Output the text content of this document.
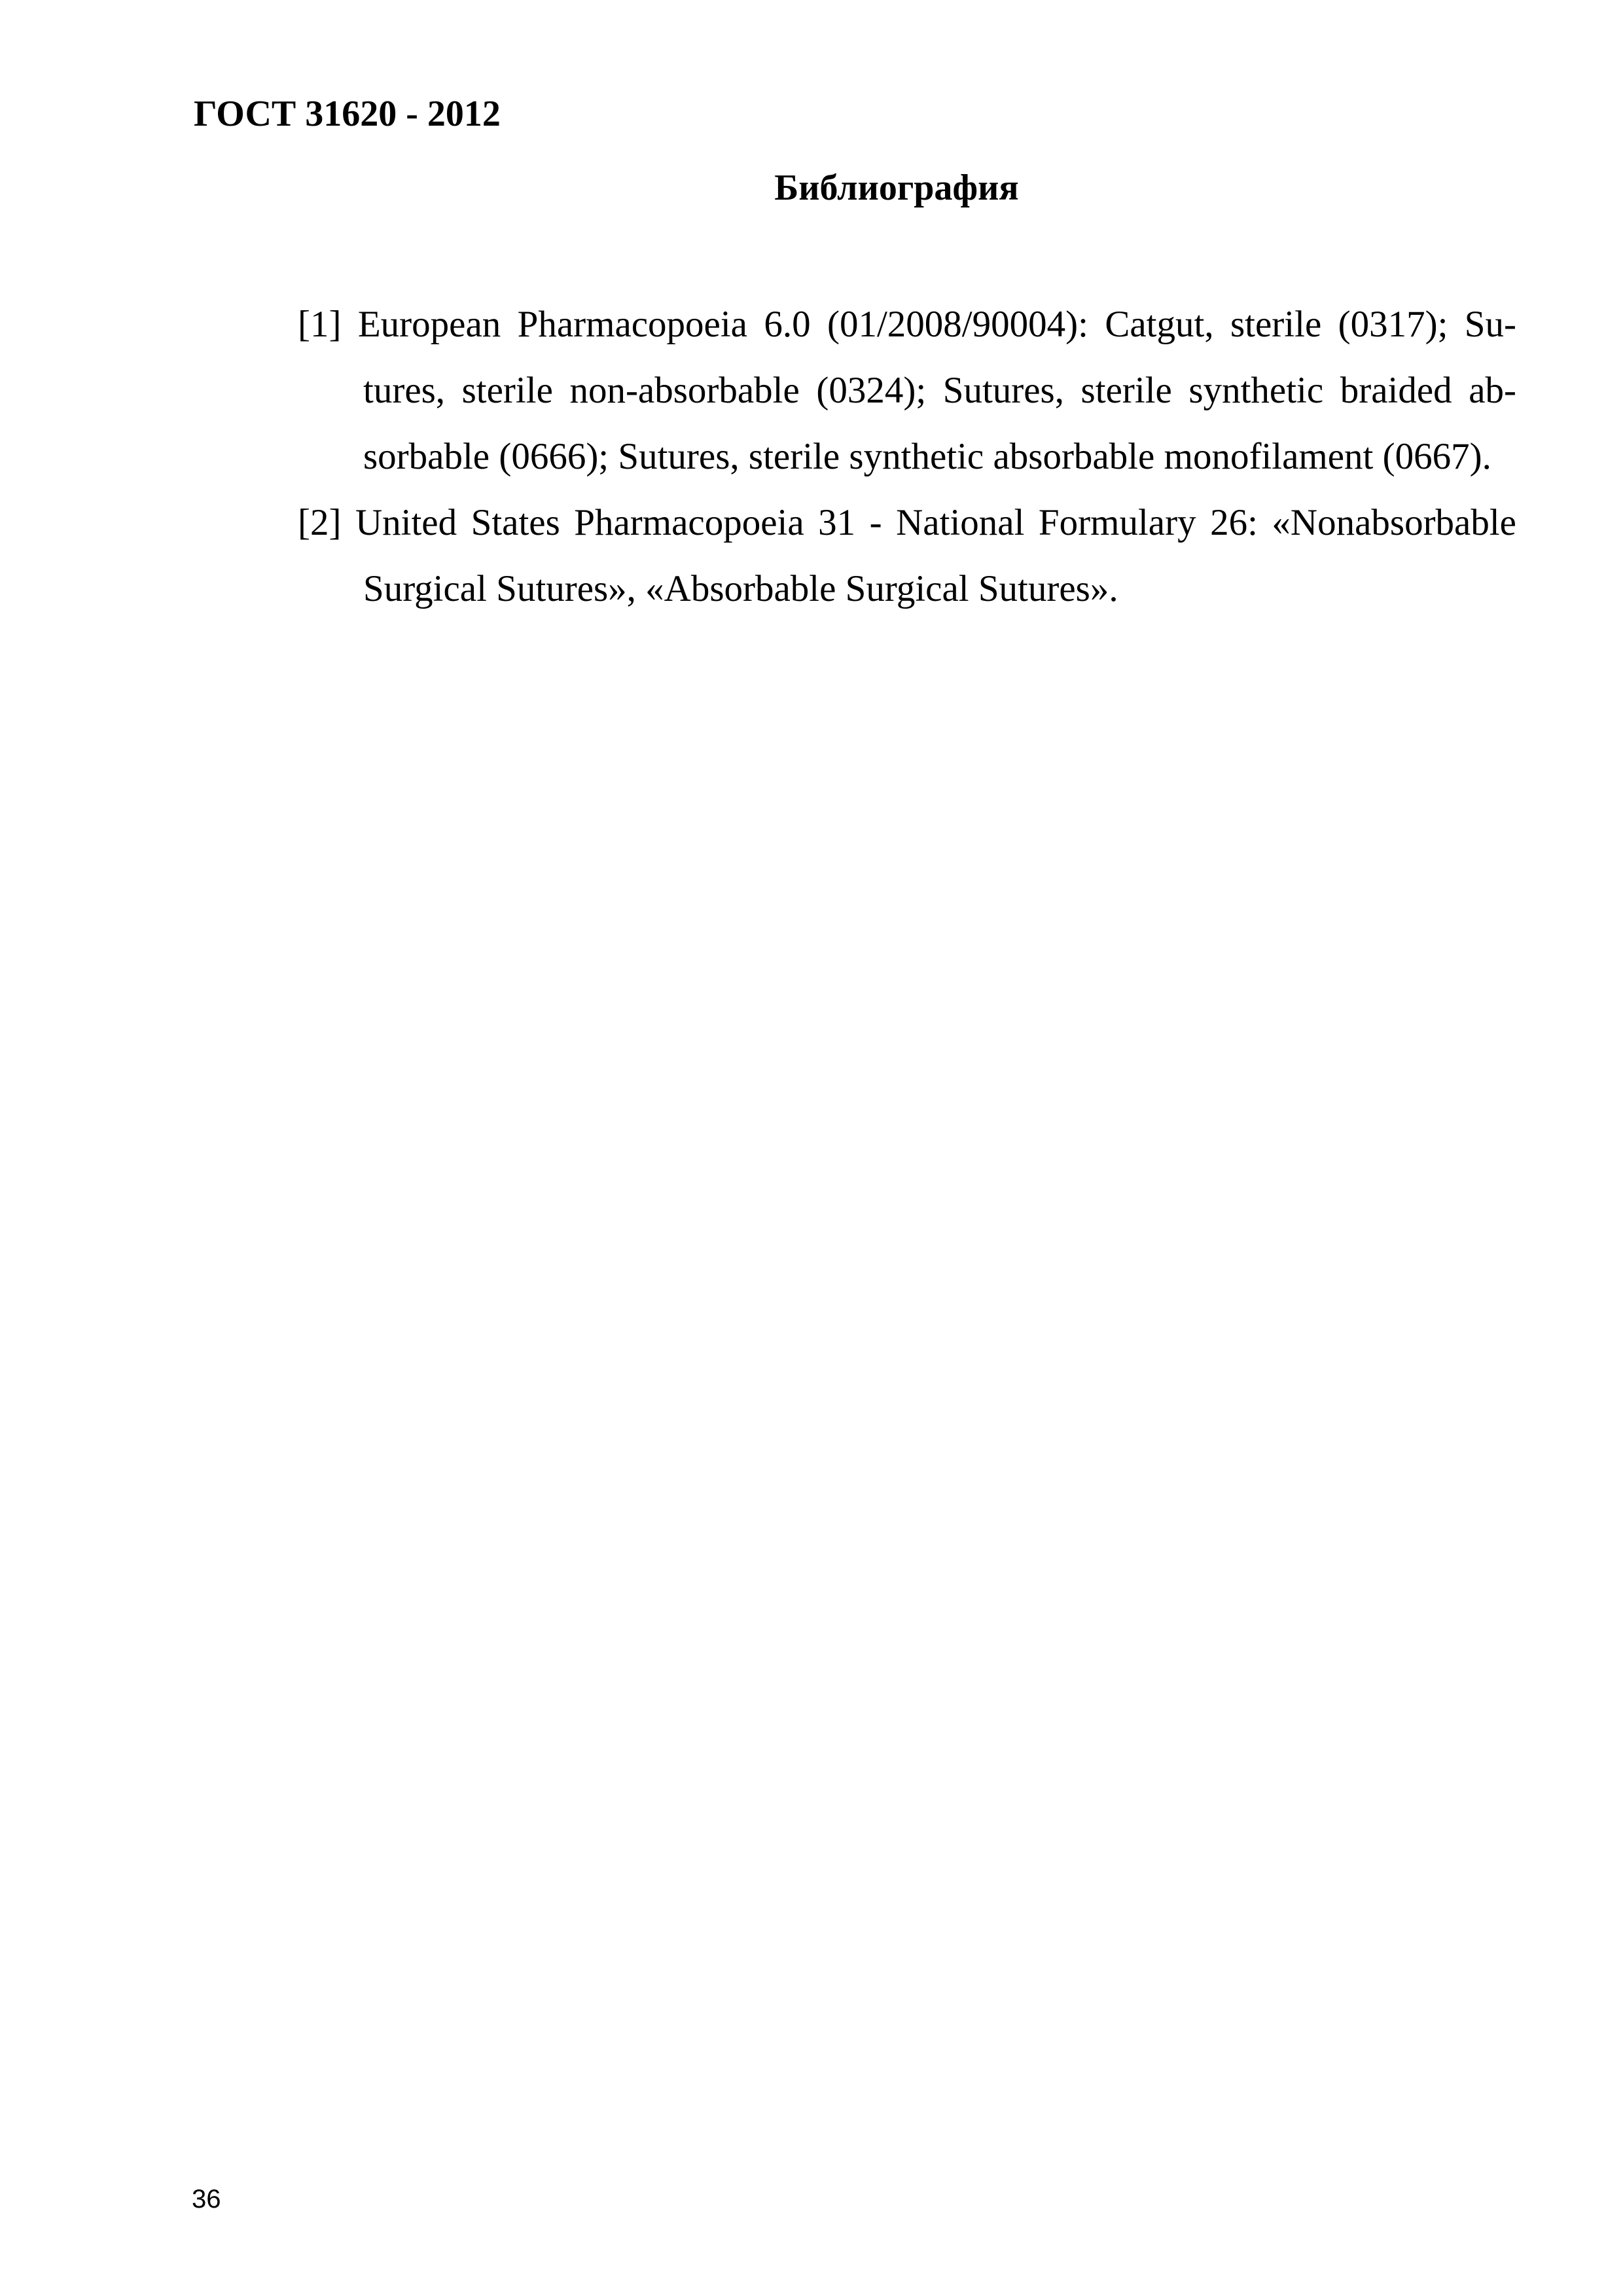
ГОСТ 31620 - 2012
Библиография
[1] European Pharmacopoeia 6.0 (01/2008/90004): Catgut, sterile (0317); Sutures, sterile non-absorbable (0324); Sutures, sterile synthetic braided absorbable (0666); Sutures, sterile synthetic absorbable monofilament (0667).
[2] United States Pharmacopoeia 31 - National Formulary 26: «Nonabsorbable Surgical Sutures», «Absorbable Surgical Sutures».
36
